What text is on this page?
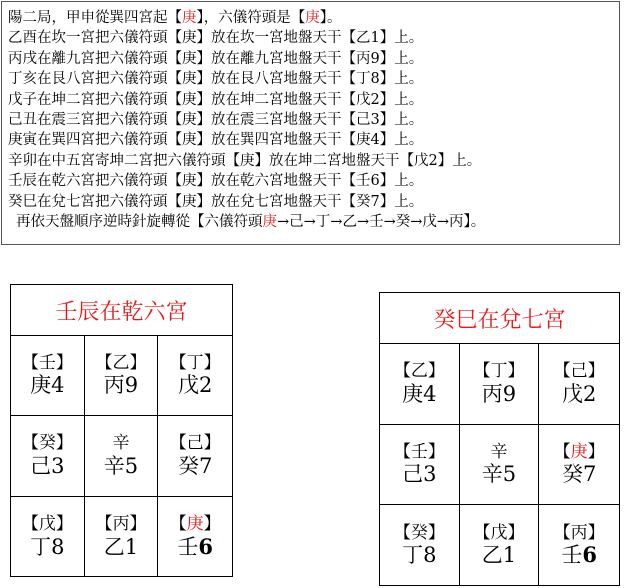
陽二局，甲申從巽四宮起【庚】，六儀符頭是【庚】。
乙酉在坎一宮把六儀符頭【庚】放在坎一宮地盤天干【乙1】上。
丙戌在離九宮把六儀符頭【庚】放在離九宮地盤天干【丙9】上。
丁亥在艮八宮把六儀符頭【庚】放在艮八宮地盤天干【丁8】上。
戊子在坤二宮把六儀符頭【庚】放在坤二宮地盤天干【戊2】上。
己丑在震三宮把六儀符頭【庚】放在震三宮地盤天干【己3】上。
庚寅在巽四宮把六儀符頭【庚】放在巽四宮地盤天干【庚4】上。
辛卯在中五宮寄坤二宮把六儀符頭【庚】放在坤二宮地盤天干【戊2】上。
壬辰在乾六宮把六儀符頭【庚】放在乾六宮地盤天干【壬6】上。
癸巳在兌七宮把六儀符頭【庚】放在兌七宮地盤天干【癸7】上。
再依天盤順序逆時針旋轉從【六儀符頭庚→己→丁→乙→壬→癸→戊→丙】。
壬辰在乾六宮
【壬】
庚4
【乙】
丙9
【丁】
戊2
【癸】
己3
辛
辛5
【己】
癸7
【戊】
丁8
【丙】
乙1
【庚】
壬6
癸巳在兌七宮
【乙】
庚4
【丁】
丙9
【己】
戊2
【壬】
己3
辛
辛5
【庚】
癸7
【癸】
丁8
【戊】
乙1
【丙】
壬6
